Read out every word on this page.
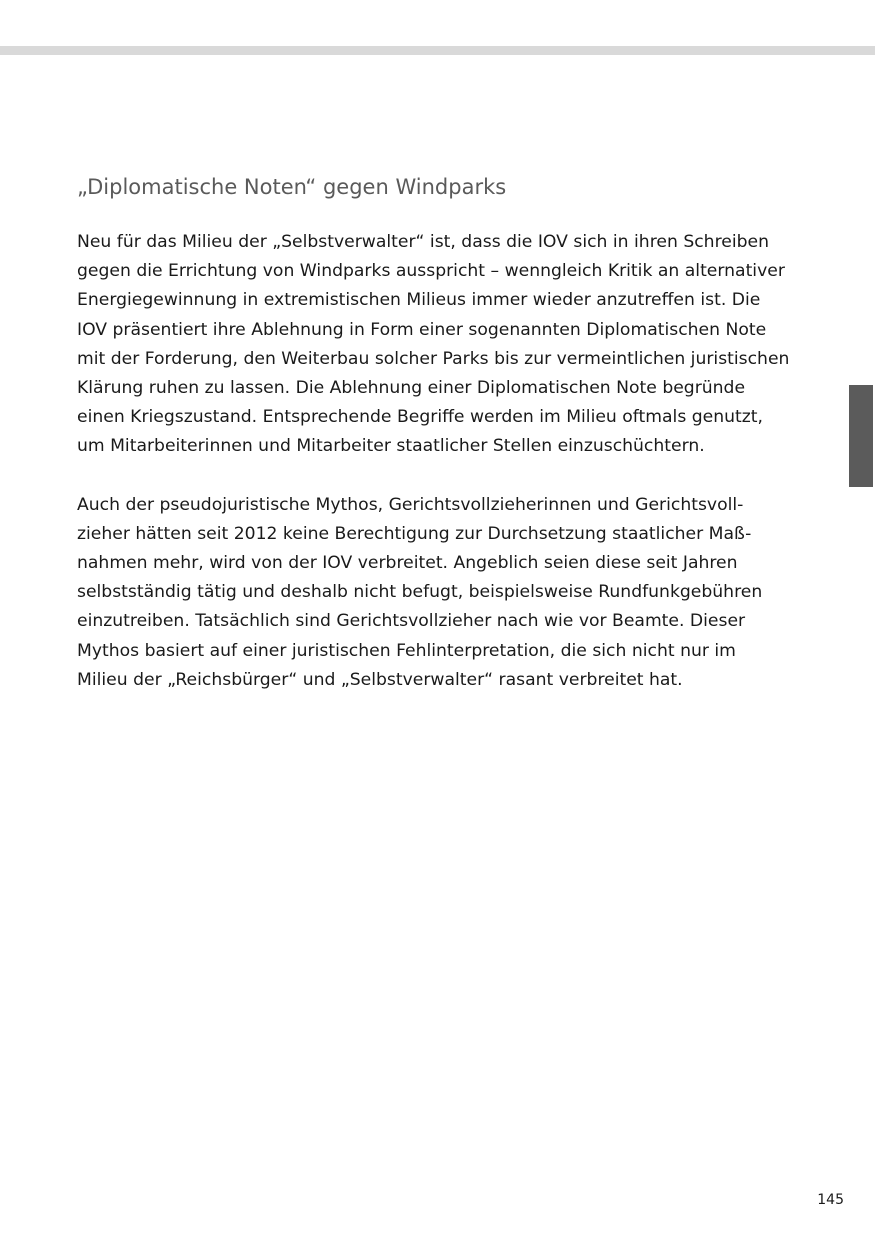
„Diplomatische Noten“ gegen Windparks

Neu für das Milieu der „Selbstverwalter“ ist, dass die IOV sich in ihren Schreiben
gegen die Errichtung von Windparks ausspricht – wenngleich Kritik an alternativer
Energiegewinnung in extremistischen Milieus immer wieder anzutreffen ist. Die
IOV präsentiert ihre Ablehnung in Form einer sogenannten Diplomatischen Note
mit der Forderung, den Weiterbau solcher Parks bis zur vermeintlichen juristischen
Klärung ruhen zu lassen. Die Ablehnung einer Diplomatischen Note begründe
einen Kriegszustand. Entsprechende Begriffe werden im Milieu oftmals genutzt,
um Mitarbeiterinnen und Mitarbeiter staatlicher Stellen einzuschüchtern.

Auch der pseudojuristische Mythos, Gerichtsvollzieherinnen und Gerichtsvoll-
zieher hätten seit 2012 keine Berechtigung zur Durchsetzung staatlicher Maß-
nahmen mehr, wird von der IOV verbreitet. Angeblich seien diese seit Jahren
selbstständig tätig und deshalb nicht befugt, beispielsweise Rundfunkgebühren
einzutreiben. Tatsächlich sind Gerichtsvollzieher nach wie vor Beamte. Dieser
Mythos basiert auf einer juristischen Fehlinterpretation, die sich nicht nur im
Milieu der „Reichsbürger“ und „Selbstverwalter“ rasant verbreitet hat.

145
